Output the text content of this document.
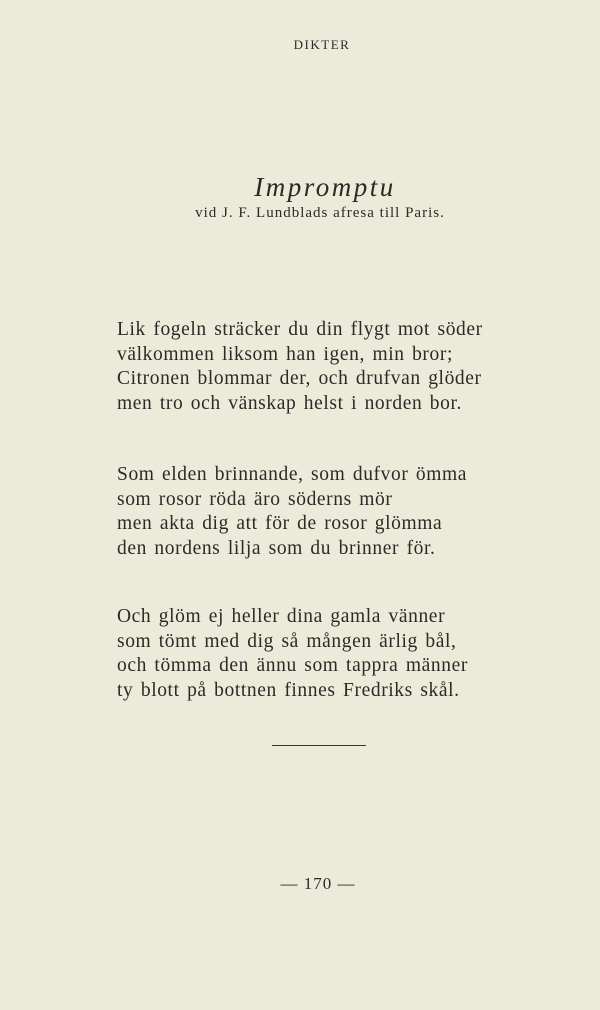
DIKTER
Impromptu
vid J. F. Lundblads afresa till Paris.
Lik fogeln sträcker du din flygt mot söder
välkommen liksom han igen, min bror;
Citronen blommar der, och drufvan glöder
men tro och vänskap helst i norden bor.
Som elden brinnande, som dufvor ömma
som rosor röda äro söderns mör
men akta dig att för de rosor glömma
den nordens lilja som du brinner för.
Och glöm ej heller dina gamla vänner
som tömt med dig så mången ärlig bål,
och tömma den ännu som tappra männer
ty blott på bottnen finnes Fredriks skål.
— 170 —
